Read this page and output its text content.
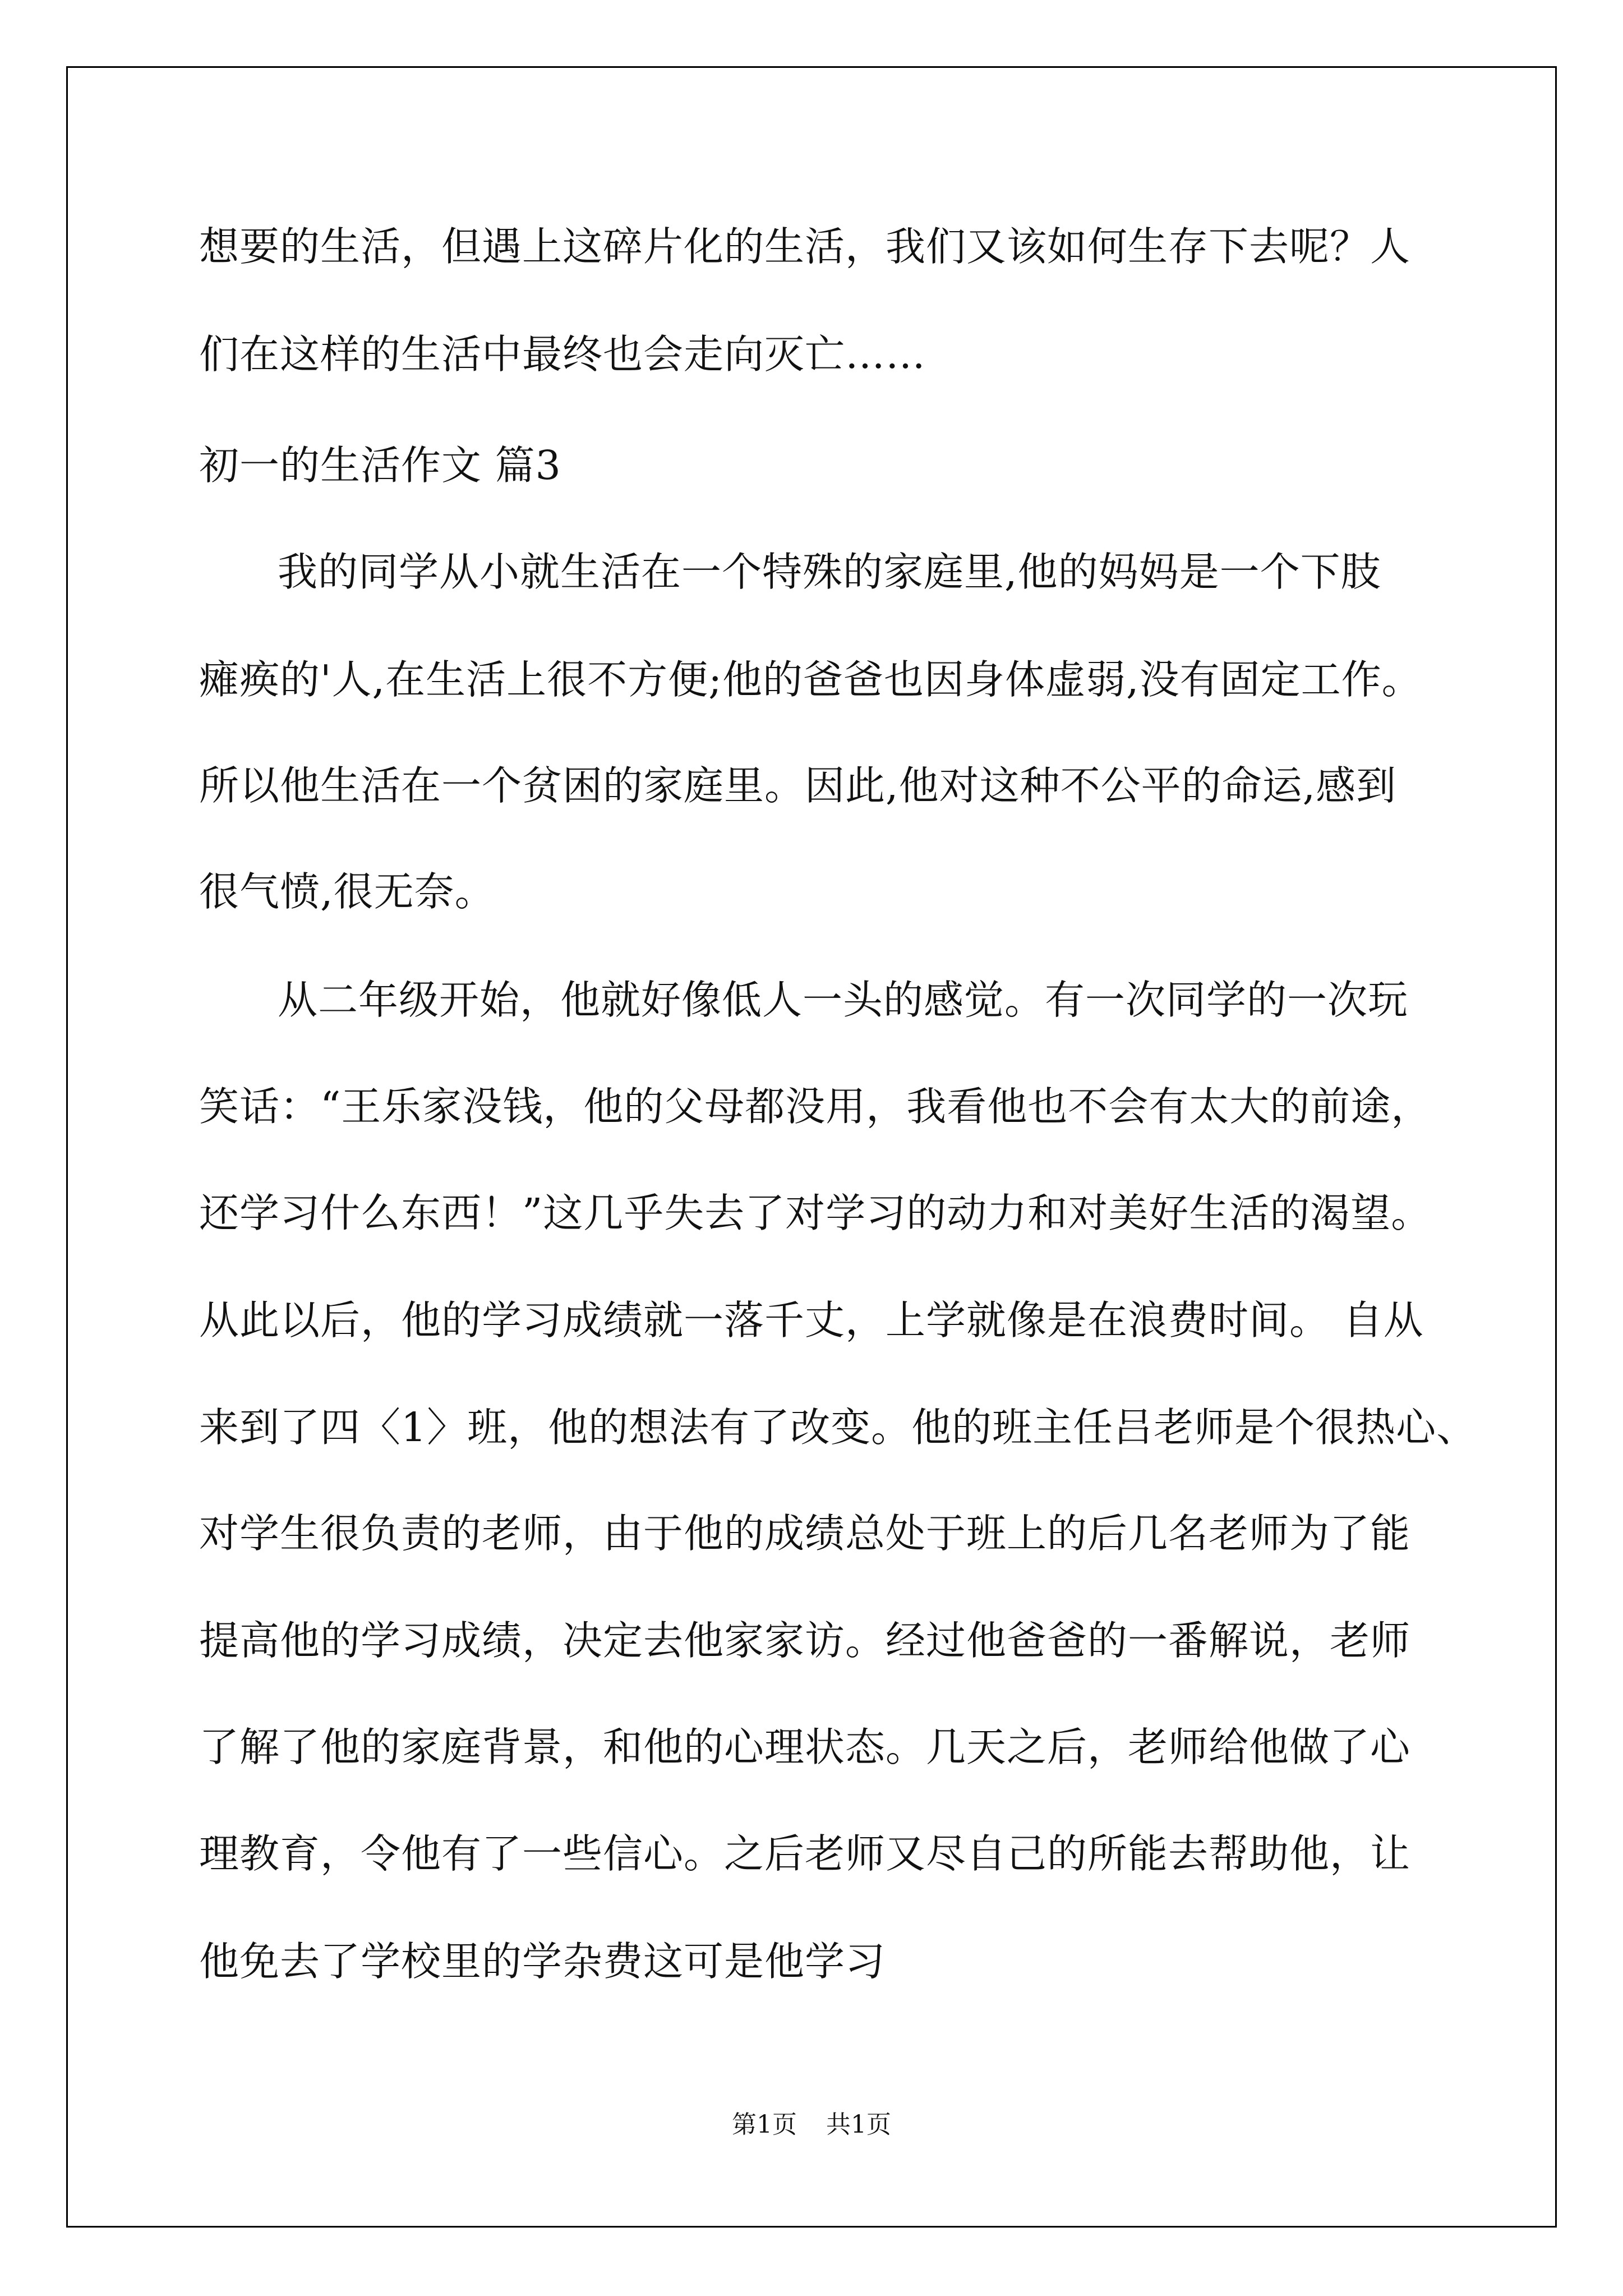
想要的生活，但遇上这碎片化的生活，我们又该如何生存下去呢？人
们在这样的生活中最终也会走向灭亡……
初一的生活作文 篇3
我的同学从小就生活在一个特殊的家庭里,他的妈妈是一个下肢
瘫痪的'人,在生活上很不方便;他的爸爸也因身体虚弱,没有固定工作。
所以他生活在一个贫困的家庭里。因此,他对这种不公平的命运,感到
很气愤,很无奈。
从二年级开始，他就好像低人一头的感觉。有一次同学的一次玩
笑话：“王乐家没钱，他的父母都没用，我看他也不会有太大的前途，
还学习什么东西！”这几乎失去了对学习的动力和对美好生活的渴望。
从此以后，他的学习成绩就一落千丈，上学就像是在浪费时间。 自从
来到了四〈1〉班，他的想法有了改变。他的班主任吕老师是个很热心、
对学生很负责的老师，由于他的成绩总处于班上的后几名老师为了能
提高他的学习成绩，决定去他家家访。经过他爸爸的一番解说，老师
了解了他的家庭背景，和他的心理状态。几天之后，老师给他做了心
理教育，令他有了一些信心。之后老师又尽自己的所能去帮助他，让
他免去了学校里的学杂费这可是他学习
第1页 共1页
